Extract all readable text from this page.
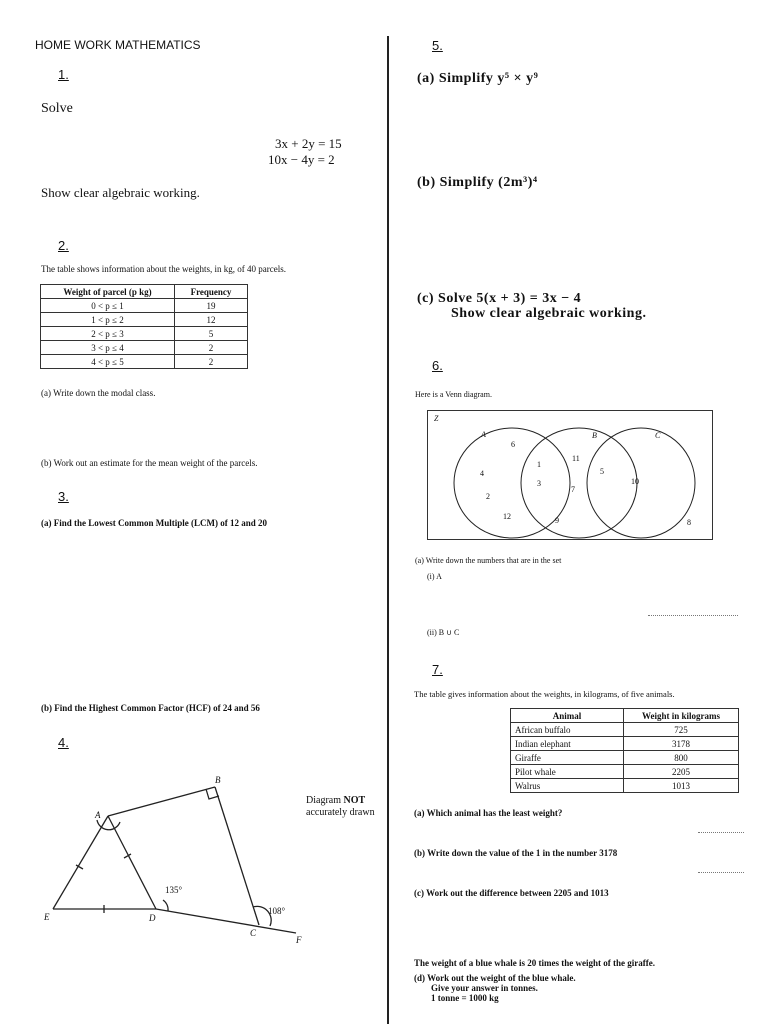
HOME WORK MATHEMATICS
1.
Solve
3x + 2y = 15
10x − 4y = 2
Show clear algebraic working.
2.
The table shows information about the weights, in kg, of 40 parcels.
Weight of parcel (p kg)	Frequency
0 < p ≤ 1	19
1 < p ≤ 2	12
2 < p ≤ 3	5
3 < p ≤ 4	2
4 < p ≤ 5	2
(a) Write down the modal class.
(b) Work out an estimate for the mean weight of the parcels.
3.
(a) Find the Lowest Common Multiple (LCM) of 12 and 20
(b) Find the Highest Common Factor (HCF) of 24 and 56
4.
Diagram NOT
accurately drawn
A
B
C
D
E
F
135°
108°
5.
(a) Simplify y⁵ × y⁹
(b) Simplify (2m³)⁴
(c) Solve 5(x + 3) = 3x − 4
Show clear algebraic working.
6.
Here is a Venn diagram.
Z
A	B	C
6
4
2
12
1
3
11
7
9
5
10
8
(a) Write down the numbers that are in the set
(i) A
(ii) B ∪ C
7.
The table gives information about the weights, in kilograms, of five animals.
Animal	Weight in kilograms
African buffalo	725
Indian elephant	3178
Giraffe	800
Pilot whale	2205
Walrus	1013
(a) Which animal has the least weight?
(b) Write down the value of the 1 in the number 3178
(c) Work out the difference between 2205 and 1013
The weight of a blue whale is 20 times the weight of the giraffe.
(d) Work out the weight of the blue whale.
Give your answer in tonnes.
1 tonne = 1000 kg
